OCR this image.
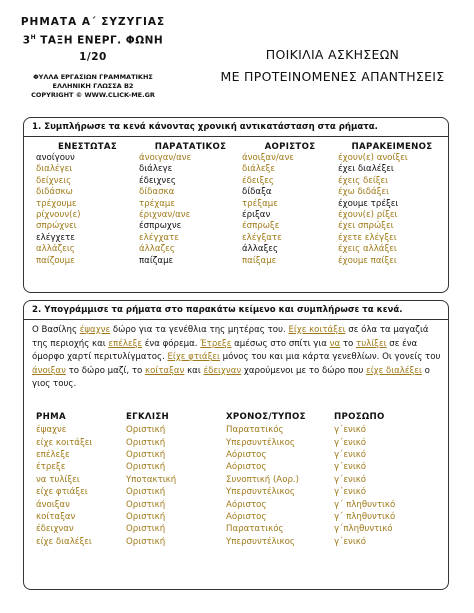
ΡΗΜΑΤΑ Α΄ ΣΥΖΥΓΙΑΣ
$3^H$ ΤΑΞΗ ΕΝΕΡΓ. ΦΩΝΗ 1/20
ΦΥΛΛΑ ΕΡΓΑΣΙΩΝ ΓΡΑΜΜΑΤΙΚΗΣ
ΕΛΛΗΝΙΚΗ ΓΛΩΣΣΑ Β2
COPYRIGHT © WWW.CLICK-ME.GR
ΠΟΙΚΙΛΙΑ ΑΣΚΗΣΕΩΝ
ΜΕ ΠΡΟΤΕΙΝΟΜΕΝΕΣ ΑΠΑΝΤΗΣΕΙΣ
1. Συμπλήρωσε τα κενά κάνοντας χρονική αντικατάσταση στα ρήματα.
ΕΝΕΣΤΩΤΑΣ	ΠΑΡΑΤΑΤΙΚΟΣ	ΑΟΡΙΣΤΟΣ	ΠΑΡΑΚΕΙΜΕΝΟΣ
ανοίγουν	άνοιγαν/ανε	άνοιξαν/ανε	έχουν(ε) ανοίξει
διαλέγει	διάλεγε	διάλεξε	έχει διαλέξει
δείχνεις	έδειχνες	έδειξες	έχεις δείξει
διδάσκω	δίδασκα	δίδαξα	έχω διδάξει
τρέχουμε	τρέχαμε	τρέξαμε	έχουμε τρέξει
ρίχνουν(ε)	έριχναν/ανε	έριξαν	έχουν(ε) ρίξει
σπρώχνει	έσπρωχνε	έσπρωξε	έχει σπρώξει
ελέγχετε	ελέγχατε	ελέγξατε	έχετε ελέγξει
αλλάζεις	άλλαζες	άλλαξες	έχεις αλλάξει
παίζουμε	παίζαμε	παίξαμε	έχουμε παίξει
2. Υπογράμμισε τα ρήματα στο παρακάτω κείμενο και συμπλήρωσε τα κενά.
Ο Βασίλης έψαχνε δώρο για τα γενέθλια της μητέρας του. Είχε κοιτάξει σε όλα τα μαγαζιά της περιοχής και επέλεξε ένα φόρεμα. Έτρεξε αμέσως στο σπίτι για να το τυλίξει σε ένα όμορφο χαρτί περιτυλίγματος. Είχε φτιάξει μόνος του και μια κάρτα γενεθλίων. Οι γονείς του άνοιξαν το δώρο μαζί, το κοίταξαν και έδειχναν χαρούμενοι με το δώρο που είχε διαλέξει ο γιος τους.
ΡΗΜΑ	ΕΓΚΛΙΣΗ	ΧΡΟΝΟΣ/ΤΥΠΟΣ	ΠΡΟΣΩΠΟ
έψαχνε	Οριστική	Παρατατικός	γ΄ενικό
είχε κοιτάξει	Οριστική	Υπερσυντέλικος	γ΄ενικό
επέλεξε	Οριστική	Αόριστος	γ΄ενικό
έτρεξε	Οριστική	Αόριστος	γ΄ενικό
να τυλίξει	Υποτακτική	Συνοπτική (Αορ.)	γ΄ενικό
είχε φτιάξει	Οριστική	Υπερσυντέλικος	γ΄ενικό
άνοιξαν	Οριστική	Αόριστος	γ΄ πληθυντικό
κοίταξαν	Οριστική	Αόριστος	γ΄ πληθυντικό
έδειχναν	Οριστική	Παρατατικός	γ΄πληθυντικό
είχε διαλέξει	Οριστική	Υπερσυντέλικος	γ΄ενικό
